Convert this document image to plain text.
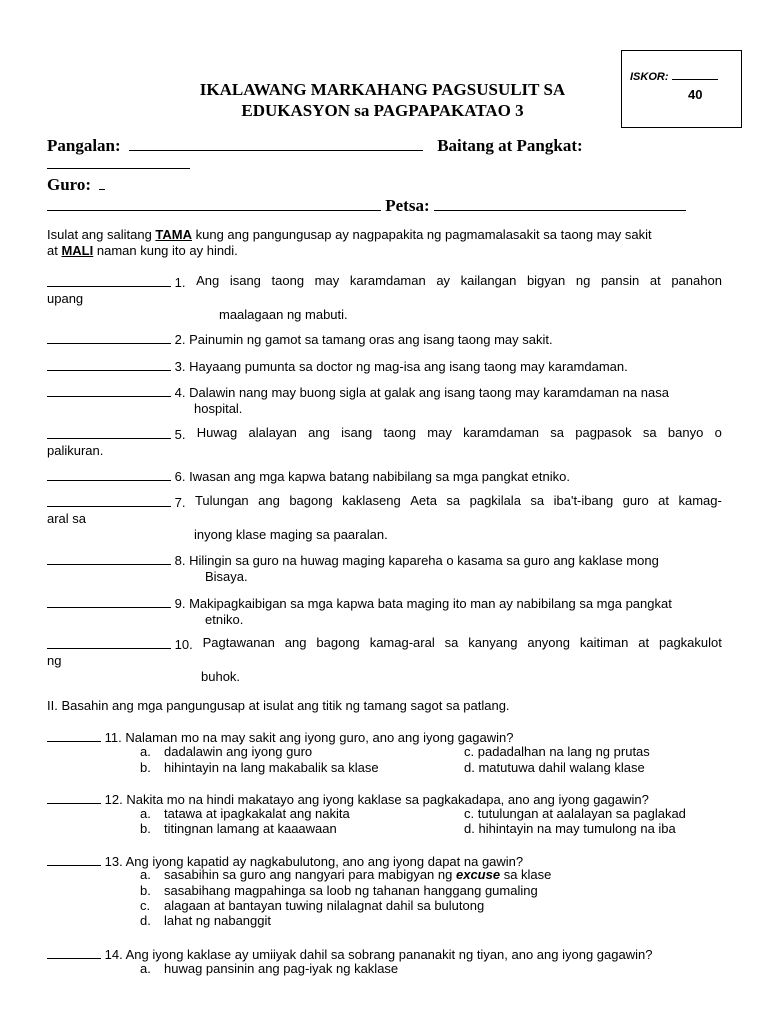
ISKOR:
40
IKALAWANG MARKAHANG PAGSUSULIT SA
EDUKASYON sa PAGPAPAKATAO 3
Pangalan:	Baitang at Pangkat:
Guro:
Petsa:
Isulat ang salitang TAMA kung ang pangungusap ay nagpapakita ng pagmamalasakit sa taong may sakit
at MALI naman kung ito ay hindi.
1. Ang isang taong may karamdaman ay kailangan bigyan ng pansin at panahon
upang
maalagaan ng mabuti.
2. Painumin ng gamot sa tamang oras ang isang taong may sakit.
3. Hayaang pumunta sa doctor ng mag-isa ang isang taong may karamdaman.
4. Dalawin nang may buong sigla at galak ang isang taong may karamdaman na nasa
hospital.
5. Huwag alalayan ang isang taong may karamdaman sa pagpasok sa banyo o
palikuran.
6. Iwasan ang mga kapwa batang nabibilang sa mga pangkat etniko.
7. Tulungan ang bagong kaklaseng Aeta sa pagkilala sa iba't-ibang guro at kamag-
aral sa
inyong klase maging sa paaralan.
8. Hilingin sa guro na huwag maging kapareha o kasama sa guro ang kaklase mong
Bisaya.
9. Makipagkaibigan sa mga kapwa bata maging ito man ay nabibilang sa mga pangkat
etniko.
10. Pagtawanan ang bagong kamag-aral sa kanyang anyong kaitiman at pagkakulot
ng
buhok.
II. Basahin ang mga pangungusap at isulat ang titik ng tamang sagot sa patlang.
11. Nalaman mo na may sakit ang iyong guro, ano ang iyong gagawin?
a. dadalawin ang iyong guro
b. hihintayin na lang makabalik sa klase
c. padadalhan na lang ng prutas
d. matutuwa dahil walang klase
12. Nakita mo na hindi makatayo ang iyong kaklase sa pagkakadapa, ano ang iyong gagawin?
a. tatawa at ipagkakalat ang nakita
b. titingnan lamang at kaaawaan
c. tutulungan at aalalayan sa paglakad
d. hihintayin na may tumulong na iba
13. Ang iyong kapatid ay nagkabulutong, ano ang iyong dapat na gawin?
a. sasabihin sa guro ang nangyari para mabigyan ng excuse sa klase
b. sasabihang magpahinga sa loob ng tahanan hanggang gumaling
c. alagaan at bantayan tuwing nilalagnat dahil sa bulutong
d. lahat ng nabanggit
14. Ang iyong kaklase ay umiiyak dahil sa sobrang pananakit ng tiyan, ano ang iyong gagawin?
a. huwag pansinin ang pag-iyak ng kaklase
